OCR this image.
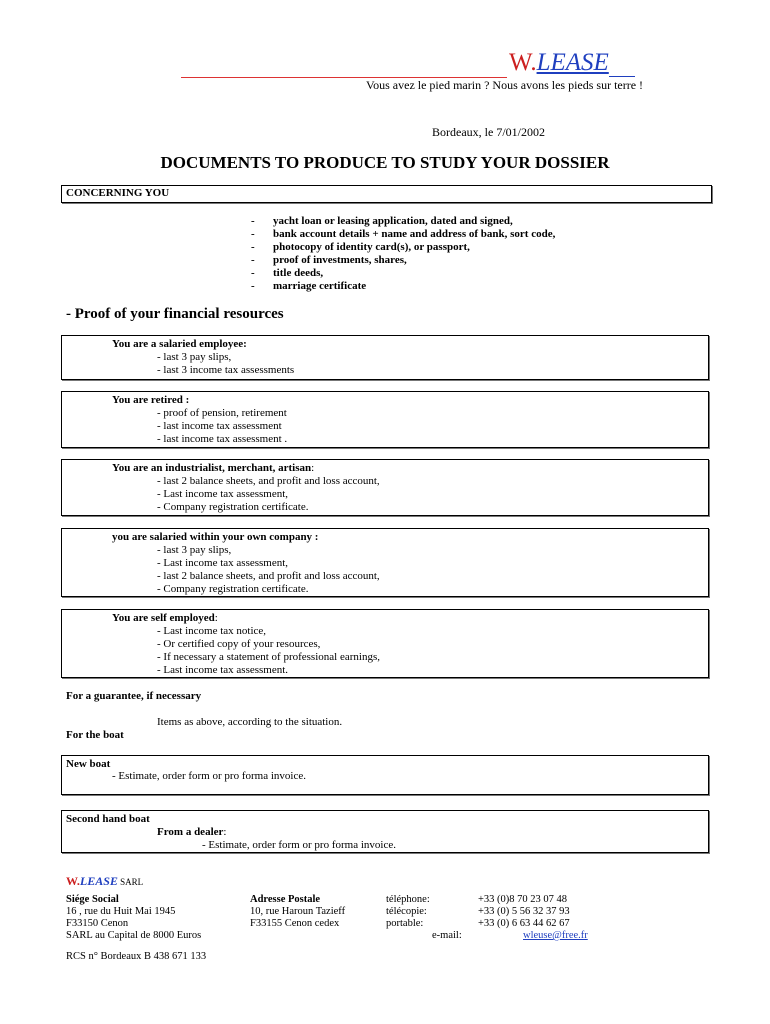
W.LEASE
Vous avez le pied marin ? Nous avons les pieds sur terre !
Bordeaux, le 7/01/2002
DOCUMENTS TO PRODUCE TO STUDY YOUR DOSSIER
CONCERNING YOU
- yacht loan or leasing application, dated and signed,
- bank account details + name and address of bank, sort code,
- photocopy of identity card(s), or passport,
- proof of investments, shares,
- title deeds,
- marriage certificate
- Proof of your financial resources
You are a salaried employee:
- last 3 pay slips,
- last 3 income tax assessments
You are retired :
- proof of pension, retirement
- last income tax assessment
- last income tax assessment .
You are an industrialist, merchant, artisan:
- last 2 balance sheets, and profit and loss account,
- Last income tax assessment,
- Company registration certificate.
you are salaried within your own company :
- last 3 pay slips,
- Last income tax assessment,
- last 2 balance sheets, and profit and loss account,
- Company registration certificate.
You are self employed:
- Last income tax notice,
- Or certified copy of your resources,
- If necessary a statement of professional earnings,
- Last income tax assessment.
For a guarantee, if necessary
Items as above, according to the situation.
For the boat
New boat
- Estimate, order form or pro forma invoice.
Second hand boat
From a dealer:
- Estimate, order form or pro forma invoice.
W.LEASE SARL
Siége Social
16 , rue du Huit Mai 1945
F33150 Cenon
SARL au Capital de 8000 Euros
Adresse Postale
10, rue Haroun Tazieff
F33155 Cenon cedex
téléphone:
télécopie:
portable:
e-mail:
+33 (0)8 70 23 07 48
+33 (0) 5 56 32 37 93
+33 (0) 6 63 44 62 67
wleuse@free.fr
RCS n° Bordeaux B 438 671 133
